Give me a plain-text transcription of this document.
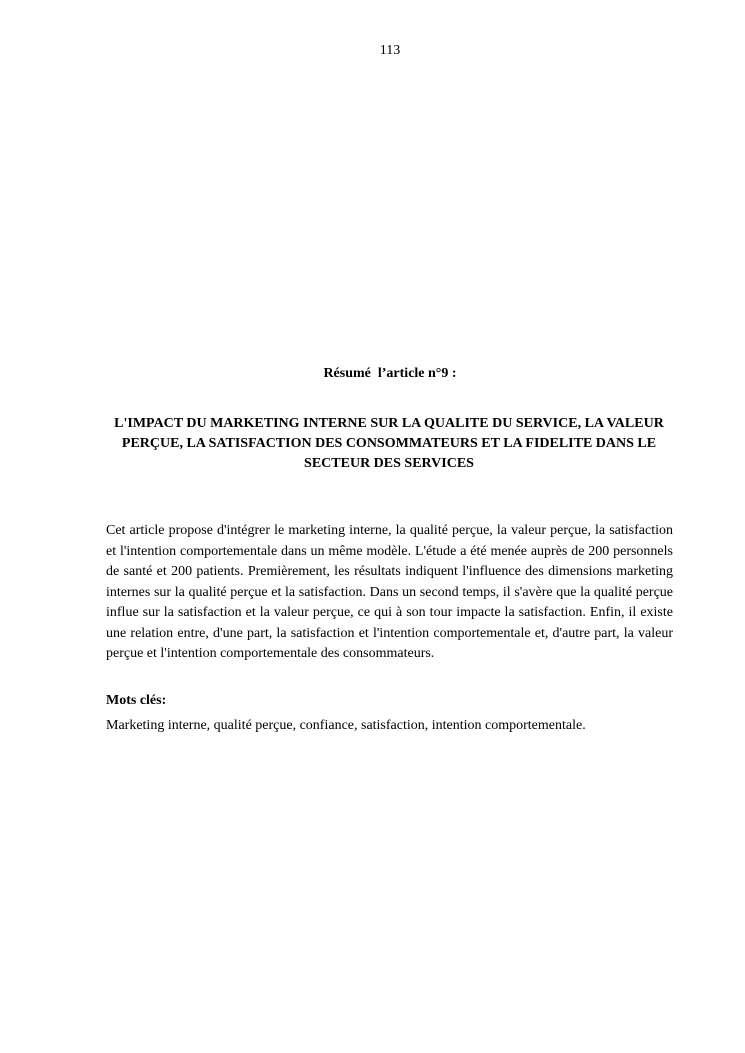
113
Résumé  l’article n°9 :
L'IMPACT DU MARKETING INTERNE SUR LA QUALITE DU SERVICE, LA VALEUR PERÇUE, LA SATISFACTION DES CONSOMMATEURS ET LA FIDELITE DANS LE SECTEUR DES SERVICES

Cet article propose d'intégrer le marketing interne, la qualité perçue, la valeur perçue, la satisfaction et l'intention comportementale dans un même modèle. L'étude a été menée auprès de 200 personnels de santé et 200 patients. Premièrement, les résultats indiquent l'influence des dimensions marketing internes sur la qualité perçue et la satisfaction. Dans un second temps, il s'avère que la qualité perçue influe sur la satisfaction et la valeur perçue, ce qui à son tour impacte la satisfaction. Enfin, il existe une relation entre, d'une part, la satisfaction et l'intention comportementale et, d'autre part, la valeur perçue et l'intention comportementale des consommateurs.

Mots clés:
Marketing interne, qualité perçue, confiance, satisfaction, intention comportementale.
